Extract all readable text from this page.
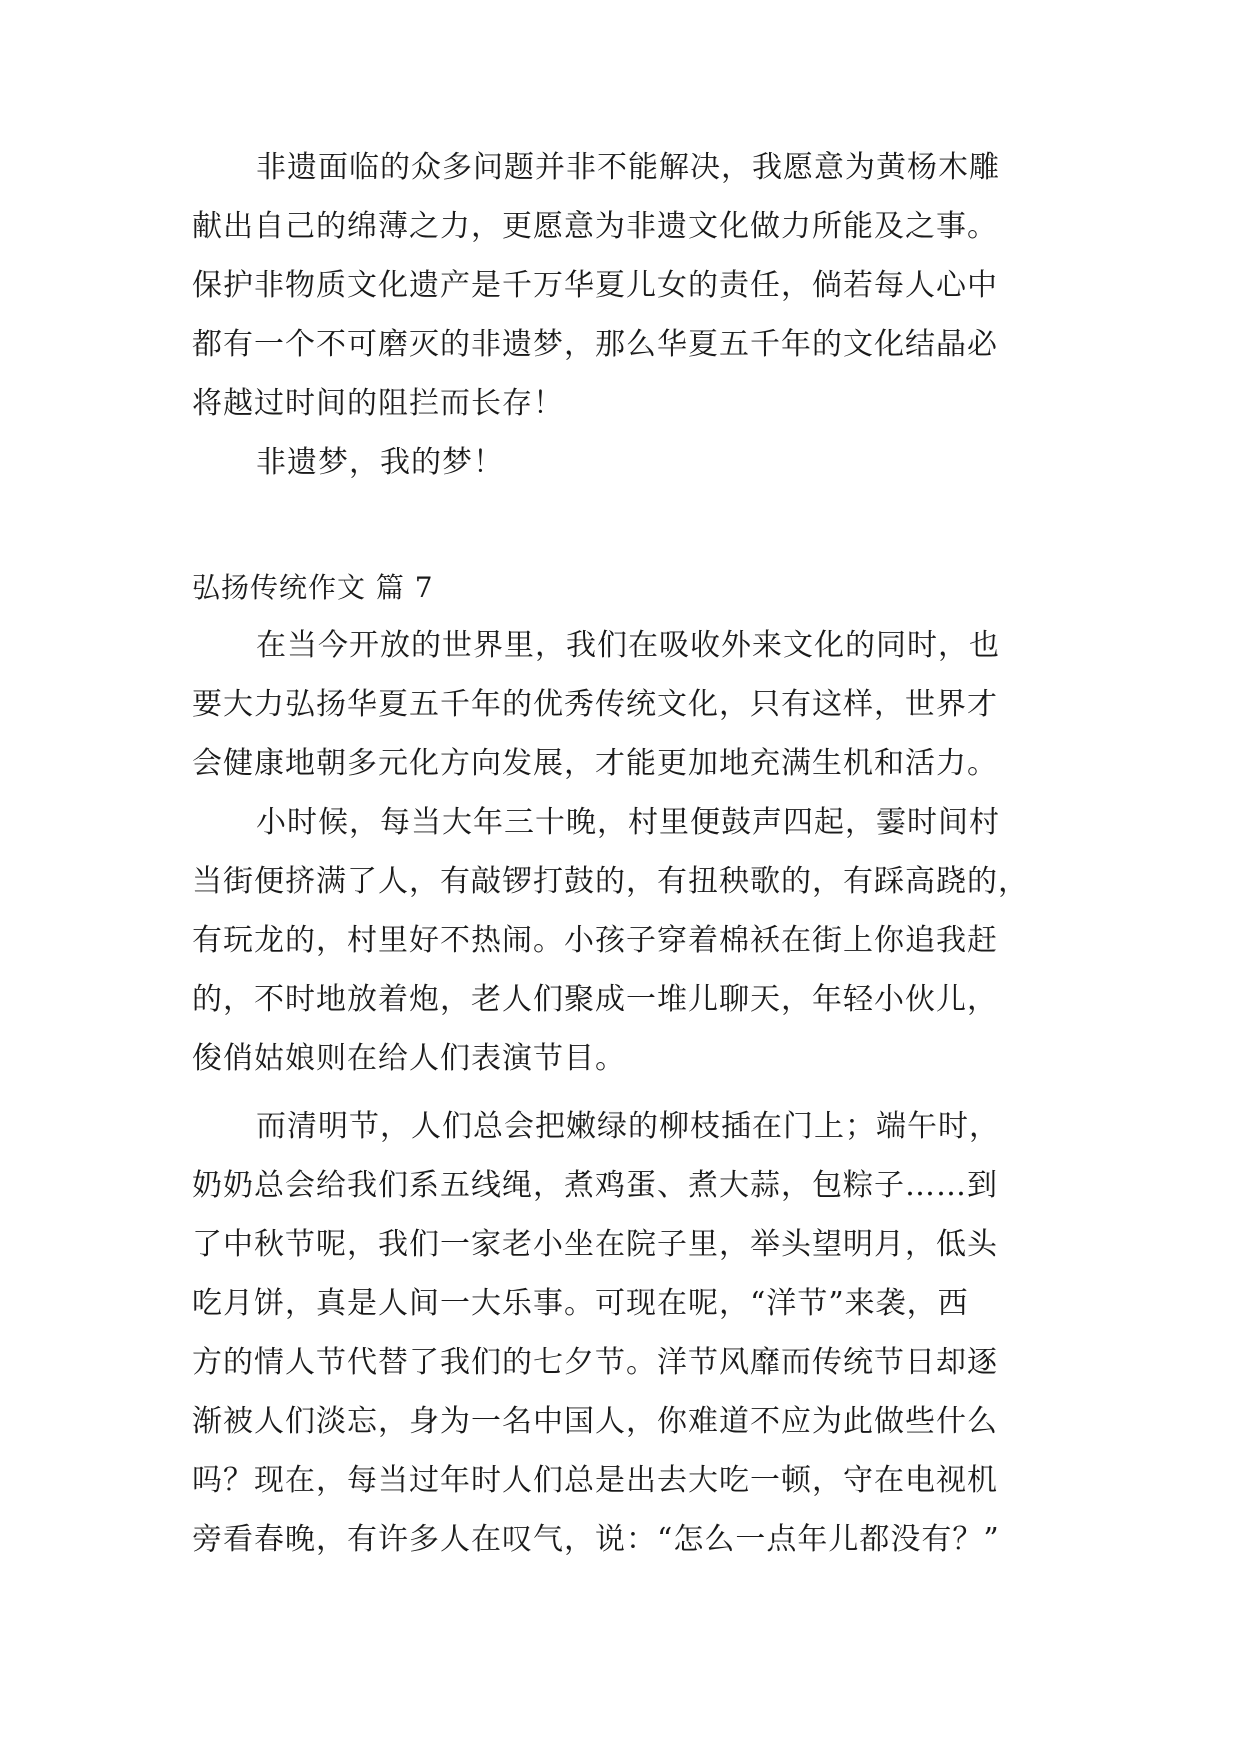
非遗面临的众多问题并非不能解决，我愿意为黄杨木雕
献出自己的绵薄之力，更愿意为非遗文化做力所能及之事。
保护非物质文化遗产是千万华夏儿女的责任，倘若每人心中
都有一个不可磨灭的非遗梦，那么华夏五千年的文化结晶必
将越过时间的阻拦而长存！
非遗梦，我的梦！
弘扬传统作文 篇 7
在当今开放的世界里，我们在吸收外来文化的同时，也
要大力弘扬华夏五千年的优秀传统文化，只有这样，世界才
会健康地朝多元化方向发展，才能更加地充满生机和活力。
小时候，每当大年三十晚，村里便鼓声四起，霎时间村
当街便挤满了人，有敲锣打鼓的，有扭秧歌的，有踩高跷的，
有玩龙的，村里好不热闹。小孩子穿着棉袄在街上你追我赶
的，不时地放着炮，老人们聚成一堆儿聊天，年轻小伙儿，
俊俏姑娘则在给人们表演节目。
而清明节，人们总会把嫩绿的柳枝插在门上；端午时，
奶奶总会给我们系五线绳，煮鸡蛋、煮大蒜，包粽子……到
了中秋节呢，我们一家老小坐在院子里，举头望明月，低头
吃月饼，真是人间一大乐事。可现在呢，“洋节”来袭，西
方的情人节代替了我们的七夕节。洋节风靡而传统节日却逐
渐被人们淡忘，身为一名中国人，你难道不应为此做些什么
吗？现在，每当过年时人们总是出去大吃一顿，守在电视机
旁看春晚，有许多人在叹气，说：“怎么一点年儿都没有？”
